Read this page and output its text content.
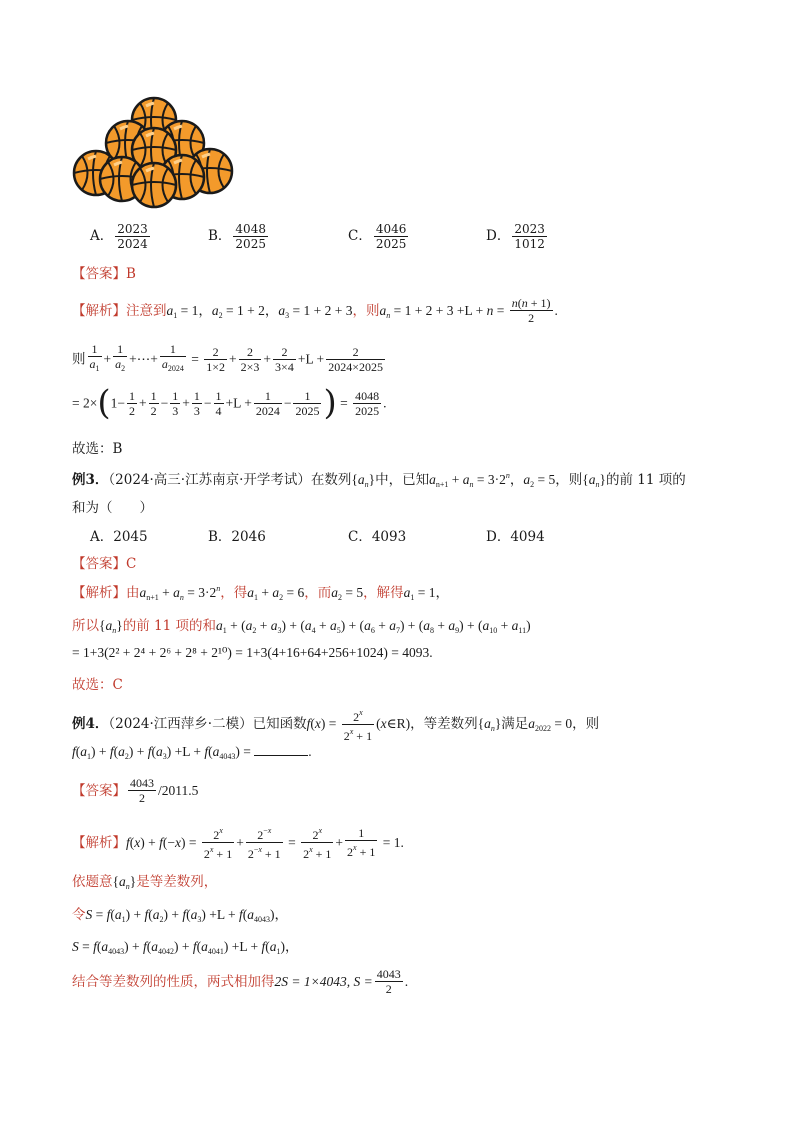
A． $\frac{2023}{2024}$	B． $\frac{4048}{2025}$	C． $\frac{4046}{2025}$	D． $\frac{2023}{1012}$
【答案】B
【解析】注意到$a_1 = 1$，$a_2 = 1 + 2$，$a_3 = 1 + 2 + 3$，则$a_n = 1 + 2 + 3 +L + n = \frac{n(n + 1)}{2}$ .
则 $\frac{1}{a_1} + \frac{1}{a_2}$ +⋯+ $\frac{1}{a_{2024}} = \frac{2}{1\times 2} + \frac{2}{2\times 3} + \frac{2}{3\times 4} +L + \frac{2}{2024\times 2025}$
= $2\times(1- \frac{1}{2} + \frac{1}{2} - \frac{1}{3} + \frac{1}{3} - \frac{1}{4} +L + \frac{1}{2024} - \frac{1}{2025}$ ) = $\frac{4048}{2025}$ .
故选：B
例3．（2024·高三·江苏南京·开学考试）在数列$\{a_n\}$中，已知$a_{n+1} + a_n = 3\cdot 2^n$，$a_2 = 5$，则$\{a_n\}$的前 11 项的
和为（　　）
A．2045	B．2046	C．4093	D．4094
【答案】C
【解析】由$a_{n+1} + a_n = 3\cdot 2^n$，得$a_1 + a_2 = 6$，而$a_2 = 5$，解得$a_1 = 1$，
所以$\{a_n\}$的前 11 项的和$a_1 + (a_2 + a_3) + (a_4 + a_5) + (a_6 + a_7) + (a_8 + a_9) + (a_{10} + a_{11})$
= 1+3(2² + 2⁴ + 2⁶ + 2⁸ + 2¹⁰) = 1+3(4+16+64+256+1024) = 4093.
故选：C
例4．（2024·江西萍乡·二模）已知函数$f(x) = \frac{2^x}{2^x + 1}$ (x∈R)，等差数列$\{a_n\}$满足$a_{2022} = 0$，则
$f(a_1) + f(a_2) + f(a_3) +L + f(a_{4043})$ =	.
【答案】 $\frac{4043}{2} /2011.5$
【解析】$f(x) + f(-x) = \frac{2^x}{2^x + 1} + \frac{2^{-x}}{2^{-x} + 1} = \frac{2^x}{2^x + 1} + \frac{1}{2^x + 1} = 1$.
依题意$\{a_n\}$是等差数列，
令$S = f(a_1) + f(a_2) + f(a_3) +L + f(a_{4043})$，
$S = f(a_{4043}) + f(a_{4042}) + f(a_{4041}) +L + f(a_1)$，
结合等差数列的性质，两式相加得2S = 1×4043, $S = \frac{4043}{2}$ .
